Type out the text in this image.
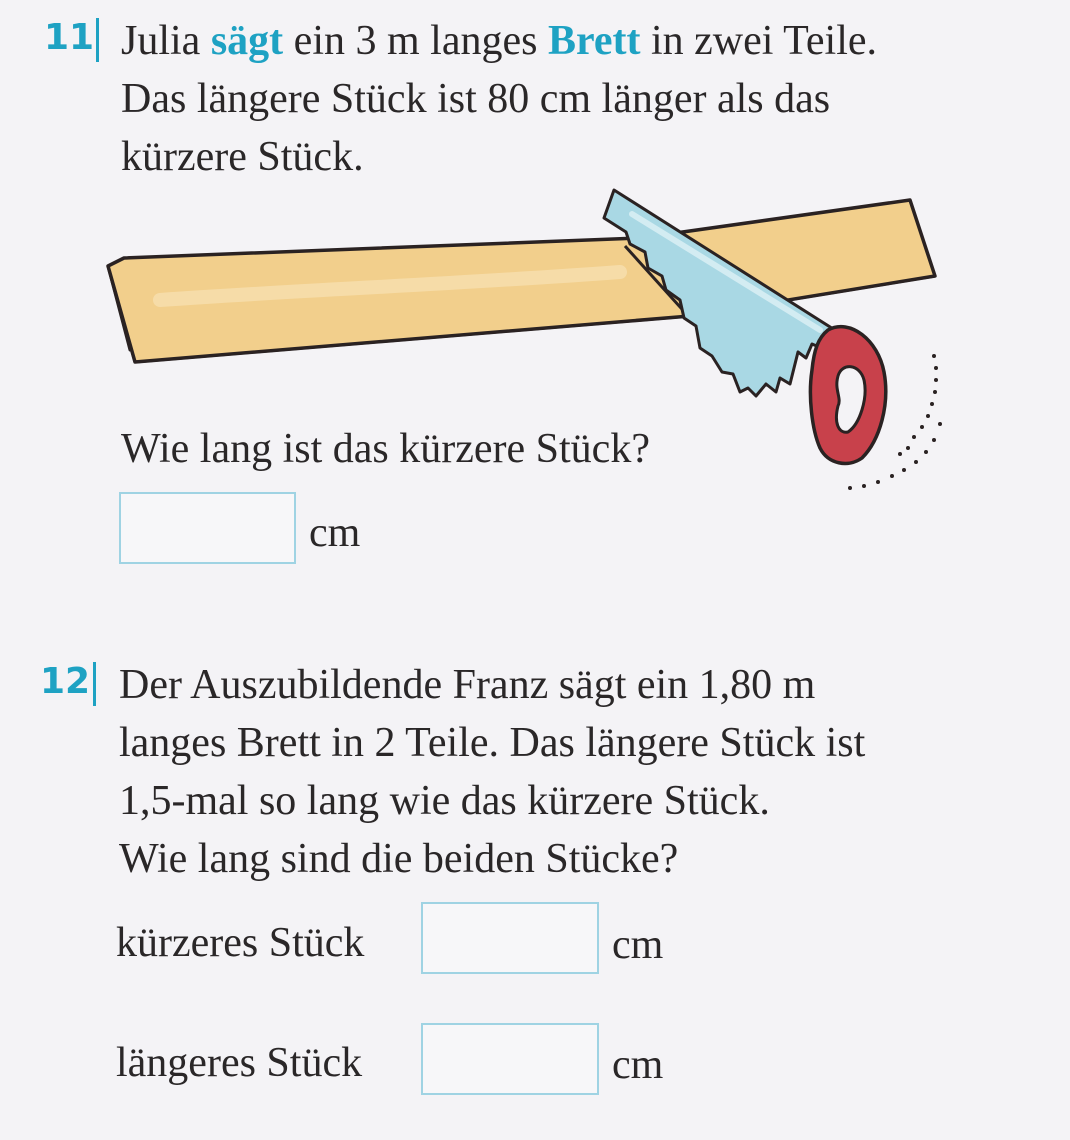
11 Julia sägt ein 3 m langes Brett in zwei Teile.
Das längere Stück ist 80 cm länger als das
kürzere Stück.
Wie lang ist das kürzere Stück?
cm
12 Der Auszubildende Franz sägt ein 1,80 m
langes Brett in 2 Teile. Das längere Stück ist
1,5-mal so lang wie das kürzere Stück.
Wie lang sind die beiden Stücke?
kürzeres Stück	cm
längeres Stück	cm
